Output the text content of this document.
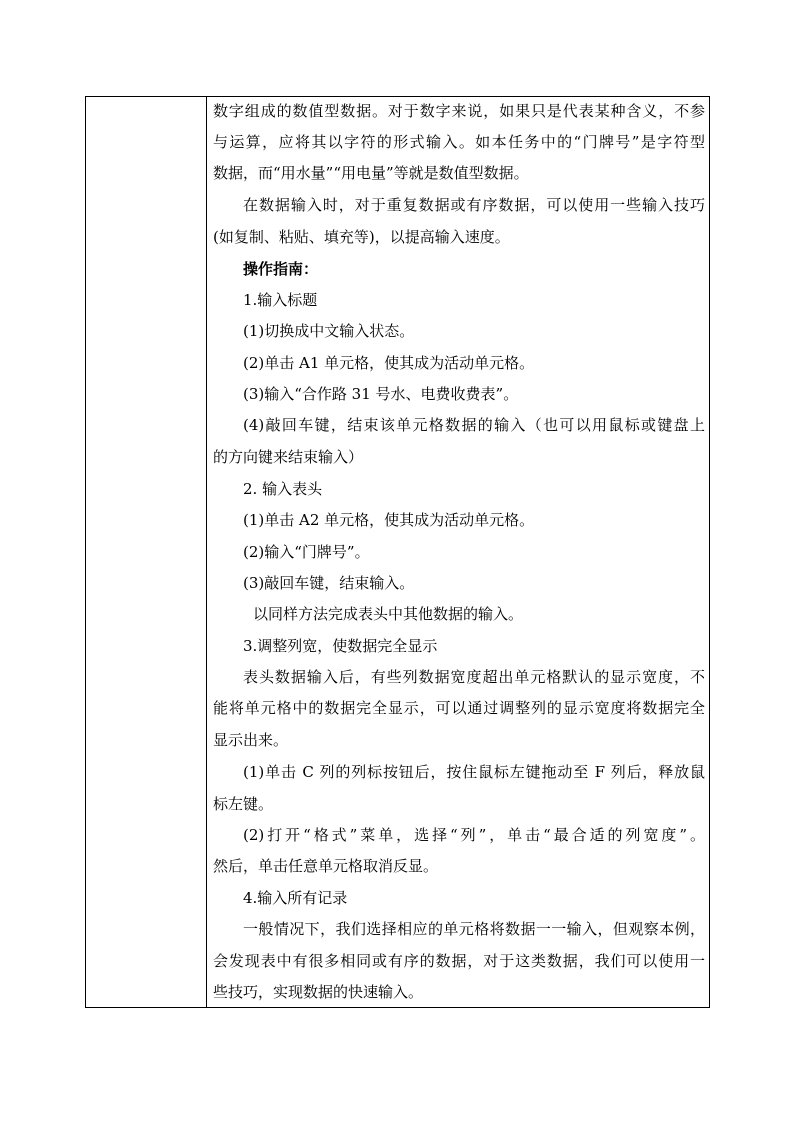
数字组成的数值型数据。对于数字来说，如果只是代表某种含义，不参
与运算，应将其以字符的形式输入。如本任务中的“门牌号”是字符型
数据，而“用水量”“用电量”等就是数值型数据。
在数据输入时，对于重复数据或有序数据，可以使用一些输入技巧
(如复制、粘贴、填充等)，以提高输入速度。
操作指南：
1.输入标题
(1)切换成中文输入状态。
(2)单击 A1 单元格，使其成为活动单元格。
(3)输入“合作路 31 号水、电费收费表”。
(4)敲回车键，结束该单元格数据的输入（也可以用鼠标或键盘上
的方向键来结束输入）
2. 输入表头
(1)单击 A2 单元格，使其成为活动单元格。
(2)输入“门牌号”。
(3)敲回车键，结束输入。
以同样方法完成表头中其他数据的输入。
3.调整列宽，使数据完全显示
表头数据输入后，有些列数据宽度超出单元格默认的显示宽度，不
能将单元格中的数据完全显示，可以通过调整列的显示宽度将数据完全
显示出来。
(1)单击 C 列的列标按钮后，按住鼠标左键拖动至 F 列后，释放鼠
标左键。
(2)打开“格式”菜单，选择“列”，单击“最合适的列宽度”。
然后，单击任意单元格取消反显。
4.输入所有记录
一般情况下，我们选择相应的单元格将数据一一输入，但观察本例，
会发现表中有很多相同或有序的数据，对于这类数据，我们可以使用一
些技巧，实现数据的快速输入。
